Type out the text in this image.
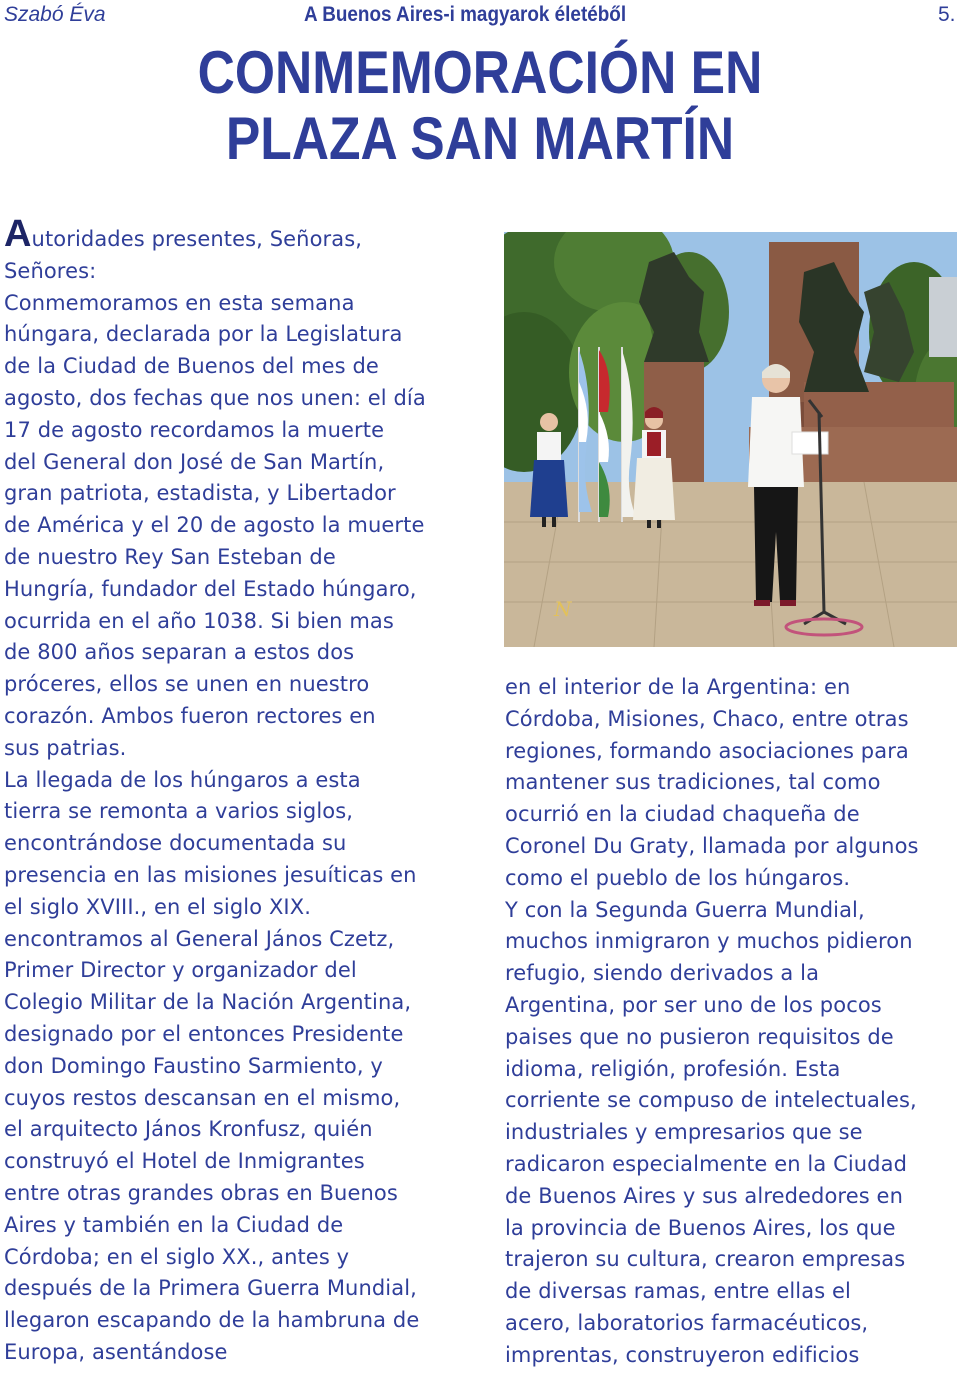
Szabó Éva	A Buenos Aires-i magyarok életéből	5.
CONMEMORACIÓN EN
PLAZA SAN MARTÍN

Autoridades presentes, Señoras,

Señores:

Conmemoramos en esta semana

húngara, declarada por la Legislatura

de la Ciudad de Buenos del mes de

agosto, dos fechas que nos unen: el día

17 de agosto recordamos la muerte

del General don José de San Martín,

gran patriota, estadista, y Libertador

de América y el 20 de agosto la muerte

de nuestro Rey San Esteban de

Hungría, fundador del Estado húngaro,

ocurrida en el año 1038. Si bien mas

de 800 años separan a estos dos

próceres, ellos se unen en nuestro

corazón. Ambos fueron rectores en

sus patrias.

La llegada de los húngaros a esta

tierra se remonta a varios siglos,

encontrándose documentada su

presencia en las misiones jesuíticas en

el siglo XVIII., en el siglo XIX.

encontramos al General János Czetz,

Primer Director y organizador del

Colegio Militar de la Nación Argentina,

designado por el entonces Presidente

don Domingo Faustino Sarmiento, y

cuyos restos descansan en el mismo,

el arquitecto János Kronfusz, quién

construyó el Hotel de Inmigrantes

entre otras grandes obras en Buenos

Aires y también en la Ciudad de

Córdoba; en el siglo XX., antes y

después de la Primera Guerra Mundial,

llegaron escapando de la hambruna de

Europa, asentándose

N

en el interior de la Argentina: en

Córdoba, Misiones, Chaco, entre otras

regiones, formando asociaciones para

mantener sus tradiciones, tal como

ocurrió en la ciudad chaqueña de

Coronel Du Graty, llamada por algunos

como el pueblo de los húngaros.

Y con la Segunda Guerra Mundial,

muchos inmigraron y muchos pidieron

refugio, siendo derivados a la

Argentina, por ser uno de los pocos

paises que no pusieron requisitos de

idioma, religión, profesión. Esta

corriente se compuso de intelectuales,

industriales y empresarios que se

radicaron especialmente en la Ciudad

de Buenos Aires y sus alrededores en

la provincia de Buenos Aires, los que

trajeron su cultura, crearon empresas

de diversas ramas, entre ellas el

acero, laboratorios farmacéuticos,

imprentas, construyeron edificios
